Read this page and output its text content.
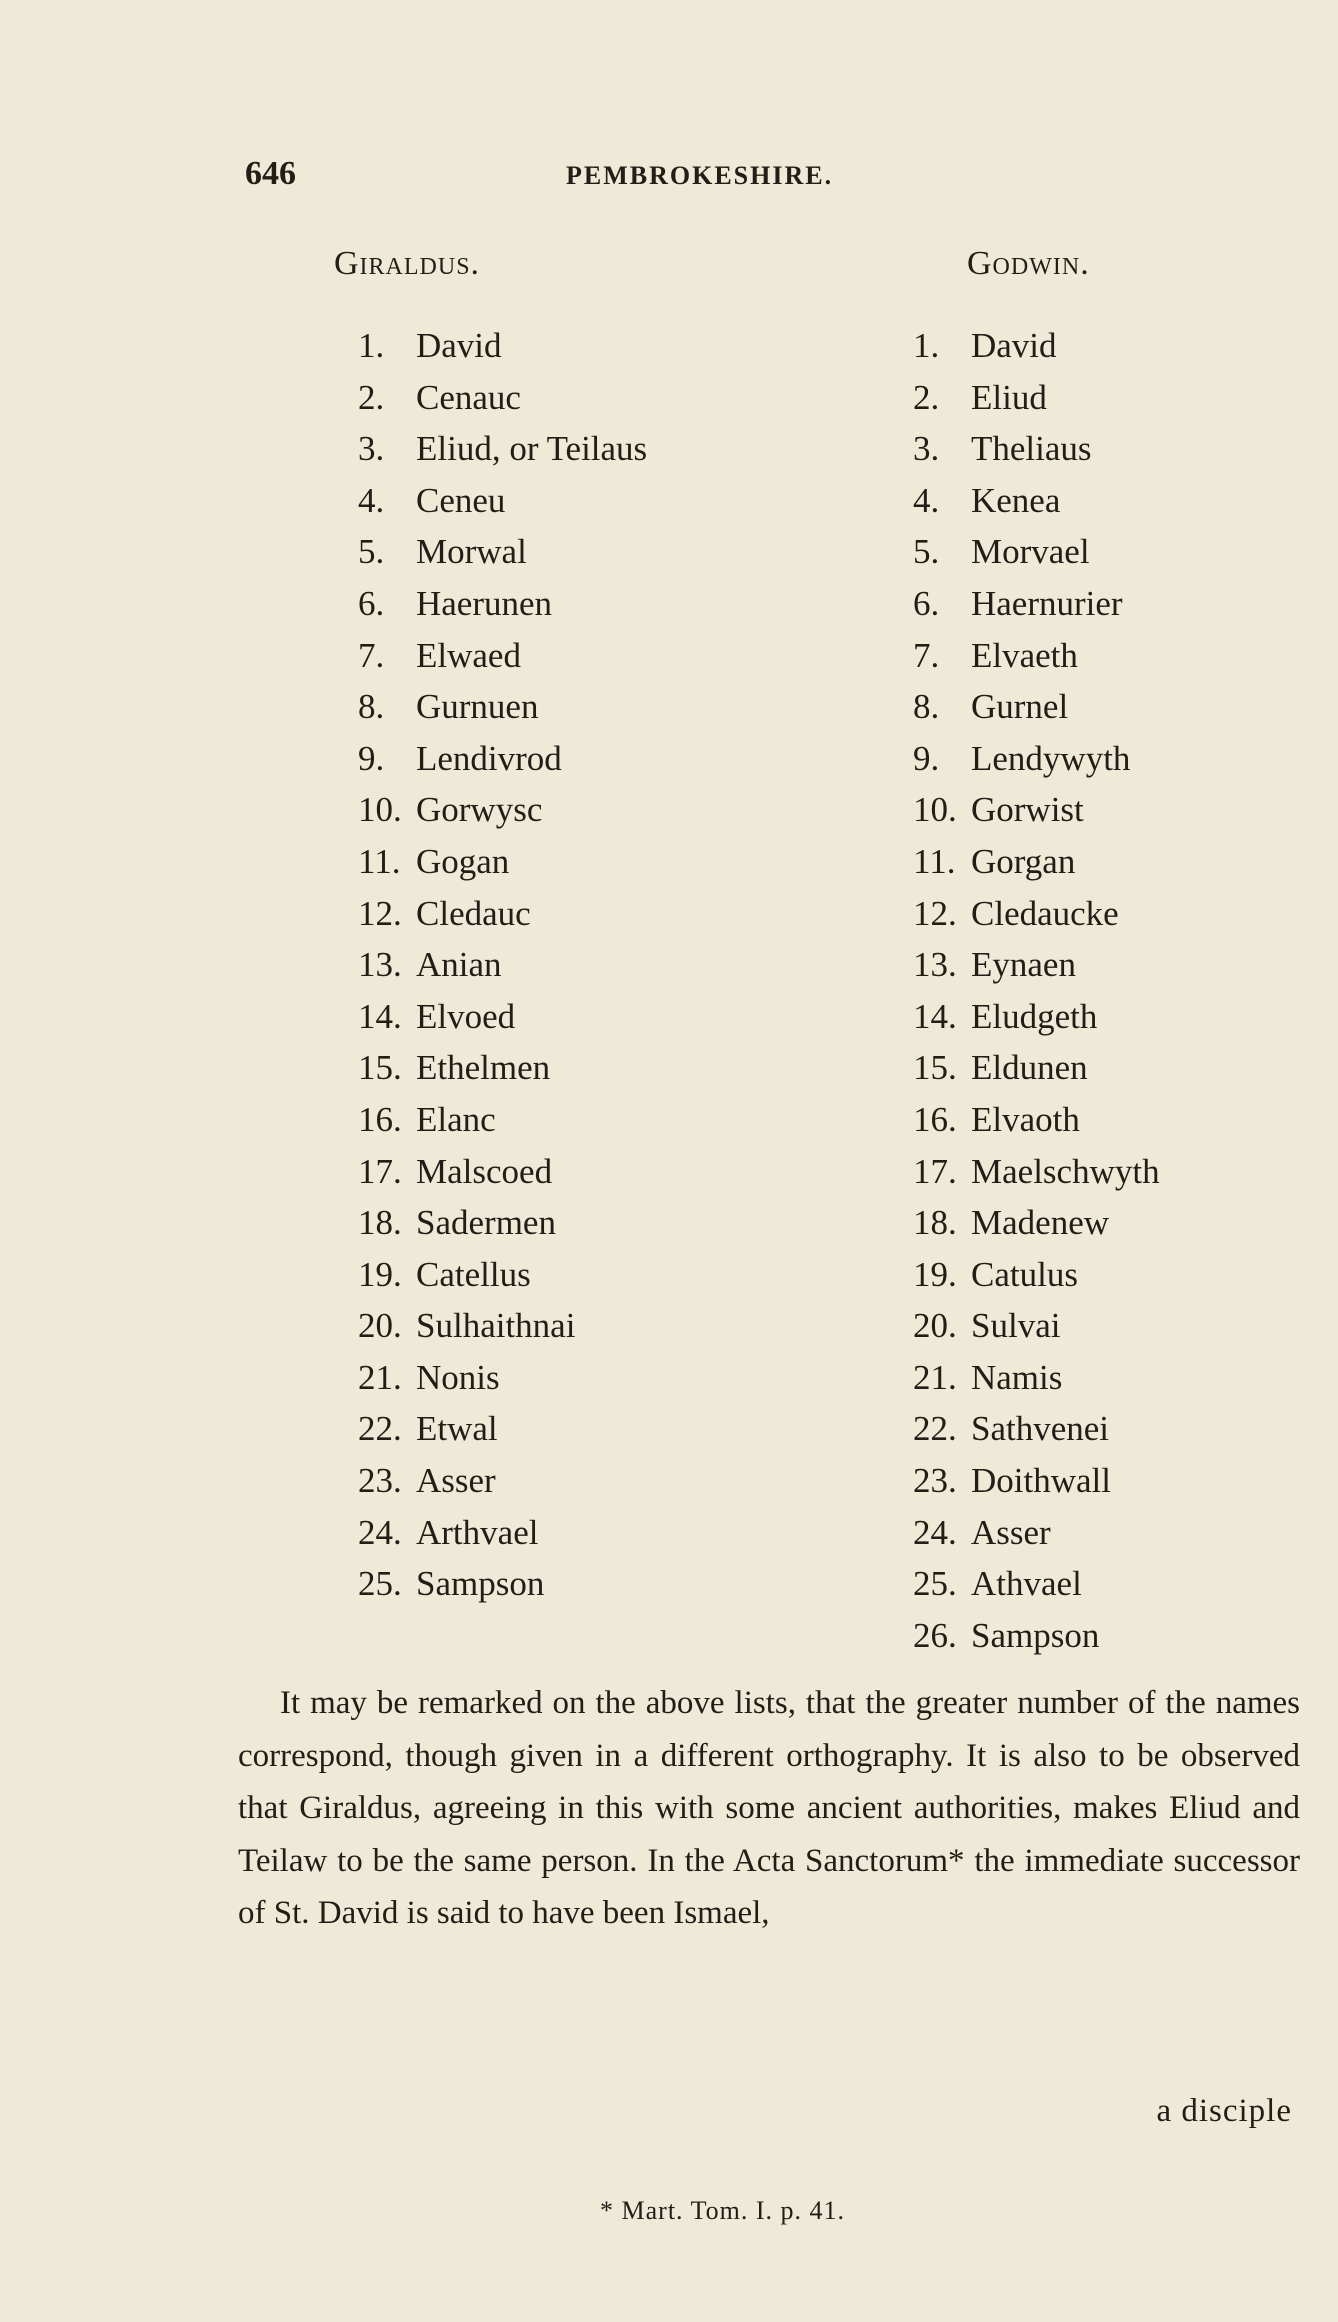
646	PEMBROKESHIRE.
Giraldus.	Godwin.
1. David
2. Cenauc
3. Eliud, or Teilaus
4. Ceneu
5. Morwal
6. Haerunen
7. Elwaed
8. Gurnuen
9. Lendivrod
10. Gorwysc
11. Gogan
12. Cledauc
13. Anian
14. Elvoed
15. Ethelmen
16. Elanc
17. Malscoed
18. Sadermen
19. Catellus
20. Sulhaithnai
21. Nonis
22. Etwal
23. Asser
24. Arthvael
25. Sampson
1. David
2. Eliud
3. Theliaus
4. Kenea
5. Morvael
6. Haernurier
7. Elvaeth
8. Gurnel
9. Lendywyth
10. Gorwist
11. Gorgan
12. Cledaucke
13. Eynaen
14. Eludgeth
15. Eldunen
16. Elvaoth
17. Maelschwyth
18. Madenew
19. Catulus
20. Sulvai
21. Namis
22. Sathvenei
23. Doithwall
24. Asser
25. Athvael
26. Sampson

It may be remarked on the above lists, that the greater number of the names correspond, though given in a different orthography. It is also to be observed that Giraldus, agreeing in this with some ancient authorities, makes Eliud and Teilaw to be the same person. In the Acta Sanctorum* the immediate successor of St. David is said to have been Ismael,

a disciple
* Mart. Tom. I. p. 41.
